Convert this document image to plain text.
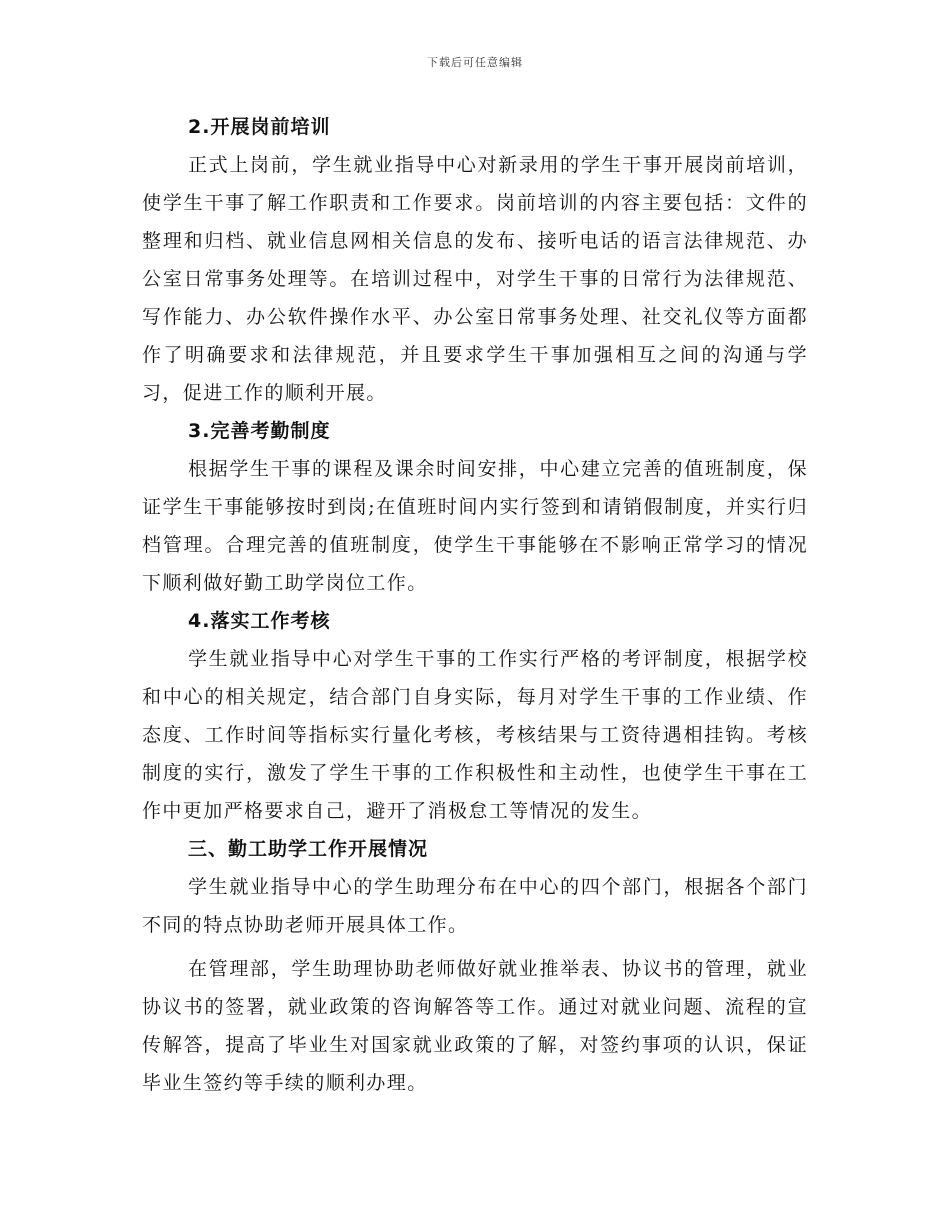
下载后可任意编辑
2.开展岗前培训

正式上岗前，学生就业指导中心对新录用的学生干事开展岗前培训，使学生干事了解工作职责和工作要求。岗前培训的内容主要包括：文件的整理和归档、就业信息网相关信息的发布、接听电话的语言法律规范、办公室日常事务处理等。在培训过程中，对学生干事的日常行为法律规范、写作能力、办公软件操作水平、办公室日常事务处理、社交礼仪等方面都作了明确要求和法律规范，并且要求学生干事加强相互之间的沟通与学习，促进工作的顺利开展。

3.完善考勤制度

根据学生干事的课程及课余时间安排，中心建立完善的值班制度，保证学生干事能够按时到岗;在值班时间内实行签到和请销假制度，并实行归档管理。合理完善的值班制度，使学生干事能够在不影响正常学习的情况下顺利做好勤工助学岗位工作。

4.落实工作考核

学生就业指导中心对学生干事的工作实行严格的考评制度，根据学校和中心的相关规定，结合部门自身实际，每月对学生干事的工作业绩、作态度、工作时间等指标实行量化考核，考核结果与工资待遇相挂钩。考核制度的实行，激发了学生干事的工作积极性和主动性，也使学生干事在工作中更加严格要求自己，避开了消极怠工等情况的发生。

三、勤工助学工作开展情况

学生就业指导中心的学生助理分布在中心的四个部门，根据各个部门不同的特点协助老师开展具体工作。

在管理部，学生助理协助老师做好就业推举表、协议书的管理，就业协议书的签署，就业政策的咨询解答等工作。通过对就业问题、流程的宣传解答，提高了毕业生对国家就业政策的了解，对签约事项的认识，保证毕业生签约等手续的顺利办理。
